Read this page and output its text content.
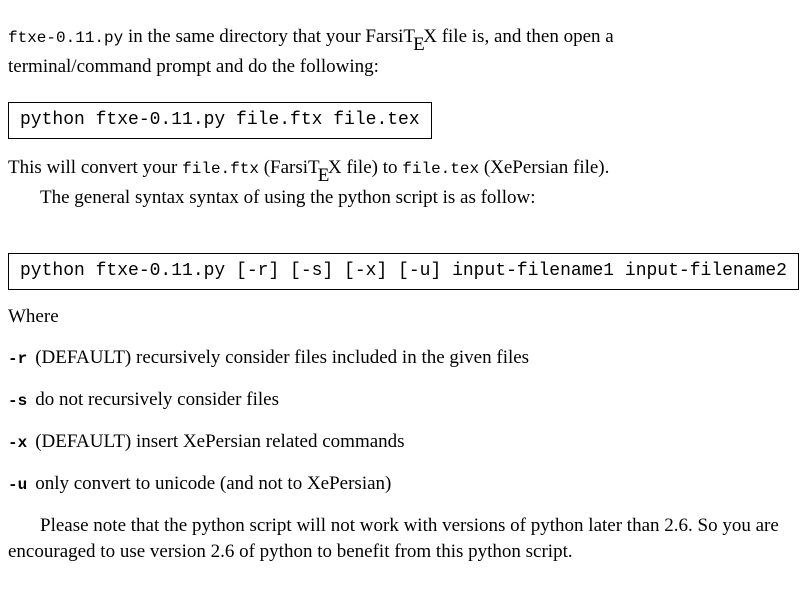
ftxe-0.11.py in the same directory that your FarsiTEX file is, and then open a terminal/command prompt and do the following:

python ftxe-0.11.py file.ftx file.tex

This will convert your file.ftx (FarsiTEX file) to file.tex (XePersian file).

The general syntax syntax of using the python script is as follow:

python ftxe-0.11.py [-r] [-s] [-x] [-u] input-filename1 input-filename2

Where

-r (DEFAULT) recursively consider files included in the given files
-s do not recursively consider files
-x (DEFAULT) insert XePersian related commands
-u only convert to unicode (and not to XePersian)

Please note that the python script will not work with versions of python later than 2.6. So you are encouraged to use version 2.6 of python to benefit from this python script.
